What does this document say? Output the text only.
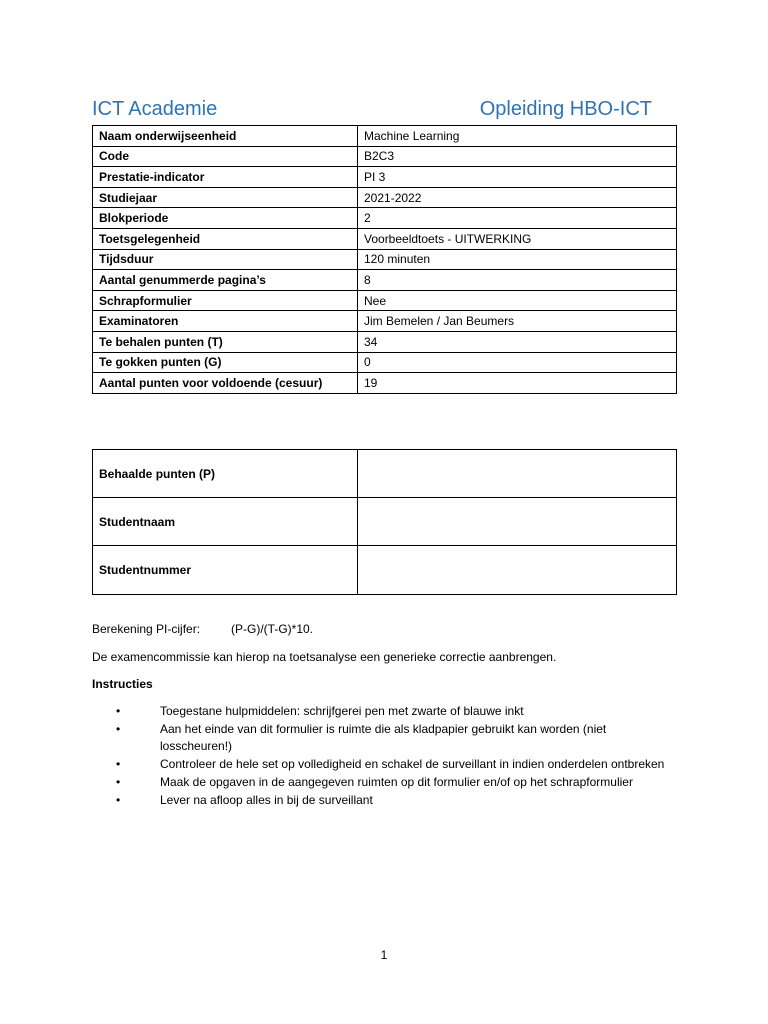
ICT Academie	Opleiding HBO-ICT
Naam onderwijseenheid	Machine Learning
Code	B2C3
Prestatie-indicator	PI 3
Studiejaar	2021-2022
Blokperiode	2
Toetsgelegenheid	Voorbeeldtoets - UITWERKING
Tijdsduur	120 minuten
Aantal genummerde pagina’s	8
Schrapformulier	Nee
Examinatoren	Jim Bemelen / Jan Beumers
Te behalen punten (T)	34
Te gokken punten (G)	0
Aantal punten voor voldoende (cesuur)	19
Behaalde punten (P)	
Studentnaam	
Studentnummer	
Berekening PI-cijfer:	(P-G)/(T-G)*10.
De examencommissie kan hierop na toetsanalyse een generieke correctie aanbrengen.
Instructies
•	Toegestane hulpmiddelen: schrijfgerei pen met zwarte of blauwe inkt
•	Aan het einde van dit formulier is ruimte die als kladpapier gebruikt kan worden (niet losscheuren!)
•	Controleer de hele set op volledigheid en schakel de surveillant in indien onderdelen ontbreken
•	Maak de opgaven in de aangegeven ruimten op dit formulier en/of op het schrapformulier
•	Lever na afloop alles in bij de surveillant
1
